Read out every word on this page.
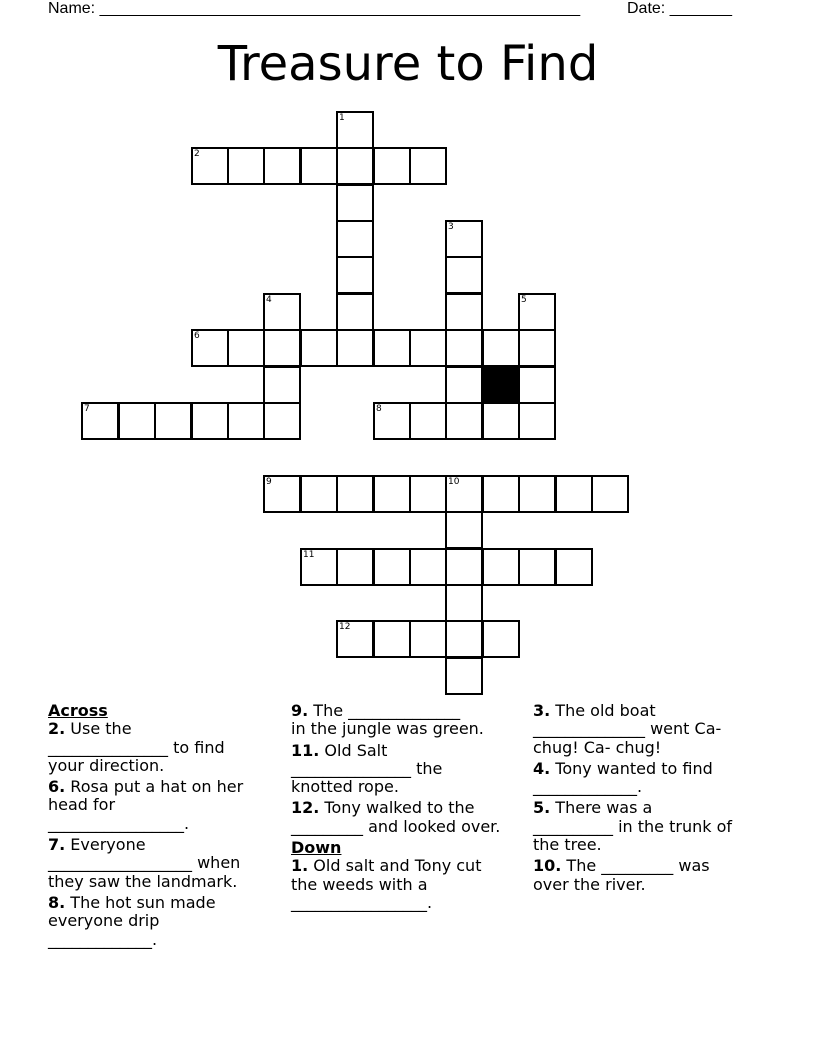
Name: ______________________________________________________	Date: _______
Treasure to Find
1
2
3
4	5
6
7	8
9	10
11
12

Across

2. Use the
_______________ to find
your direction.

6. Rosa put a hat on her
head for
_________________.

7. Everyone
__________________ when
they saw the landmark.

8. The hot sun made
everyone drip
_____________.

9. The ______________
in the jungle was green.

11. Old Salt
_______________ the
knotted rope.

12. Tony walked to the
_________ and looked over.

Down

1. Old salt and Tony cut
the weeds with a
_________________.

3. The old boat
______________ went Ca-
chug! Ca- chug!

4. Tony wanted to find
_____________.

5. There was a
__________ in the trunk of
the tree.

10. The _________ was
over the river.
